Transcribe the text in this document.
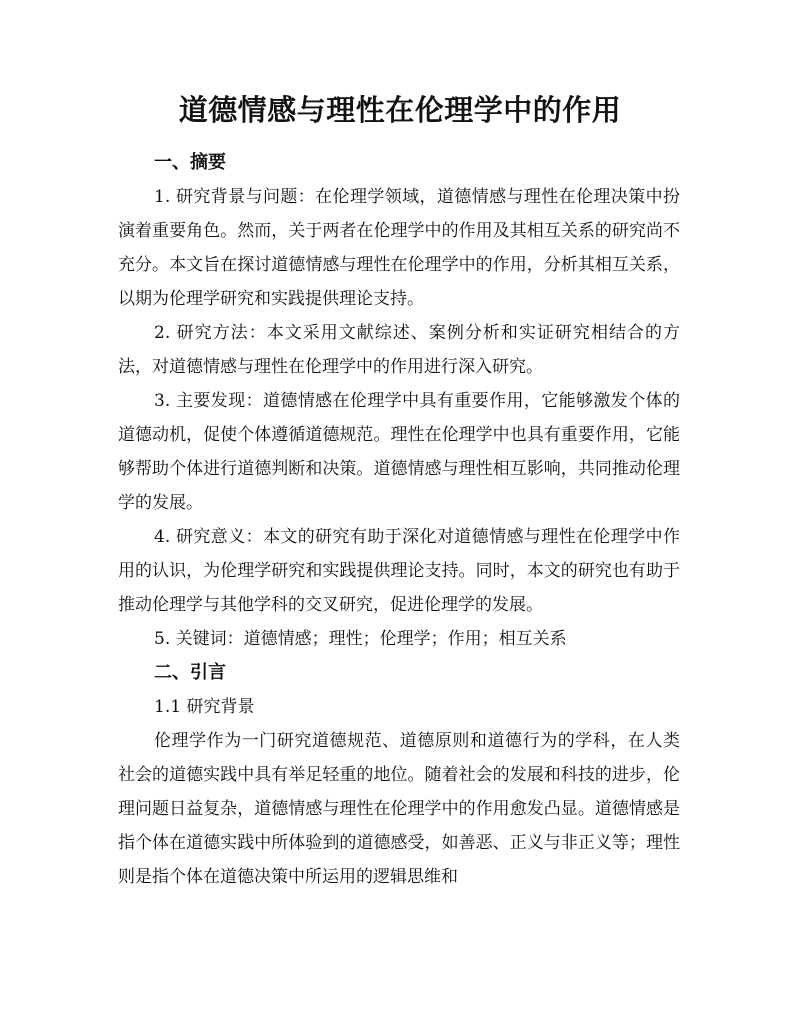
道德情感与理性在伦理学中的作用
一、摘要

1. 研究背景与问题：在伦理学领域，道德情感与理性在伦理决策中扮演着重要角色。然而，关于两者在伦理学中的作用及其相互关系的研究尚不充分。本文旨在探讨道德情感与理性在伦理学中的作用，分析其相互关系，以期为伦理学研究和实践提供理论支持。

2. 研究方法：本文采用文献综述、案例分析和实证研究相结合的方法，对道德情感与理性在伦理学中的作用进行深入研究。

3. 主要发现：道德情感在伦理学中具有重要作用，它能够激发个体的道德动机，促使个体遵循道德规范。理性在伦理学中也具有重要作用，它能够帮助个体进行道德判断和决策。道德情感与理性相互影响，共同推动伦理学的发展。

4. 研究意义：本文的研究有助于深化对道德情感与理性在伦理学中作用的认识，为伦理学研究和实践提供理论支持。同时，本文的研究也有助于推动伦理学与其他学科的交叉研究，促进伦理学的发展。

5. 关键词：道德情感；理性；伦理学；作用；相互关系

二、引言

1.1 研究背景

伦理学作为一门研究道德规范、道德原则和道德行为的学科，在人类社会的道德实践中具有举足轻重的地位。随着社会的发展和科技的进步，伦理问题日益复杂，道德情感与理性在伦理学中的作用愈发凸显。道德情感是指个体在道德实践中所体验到的道德感受，如善恶、正义与非正义等；理性则是指个体在道德决策中所运用的逻辑思维和
